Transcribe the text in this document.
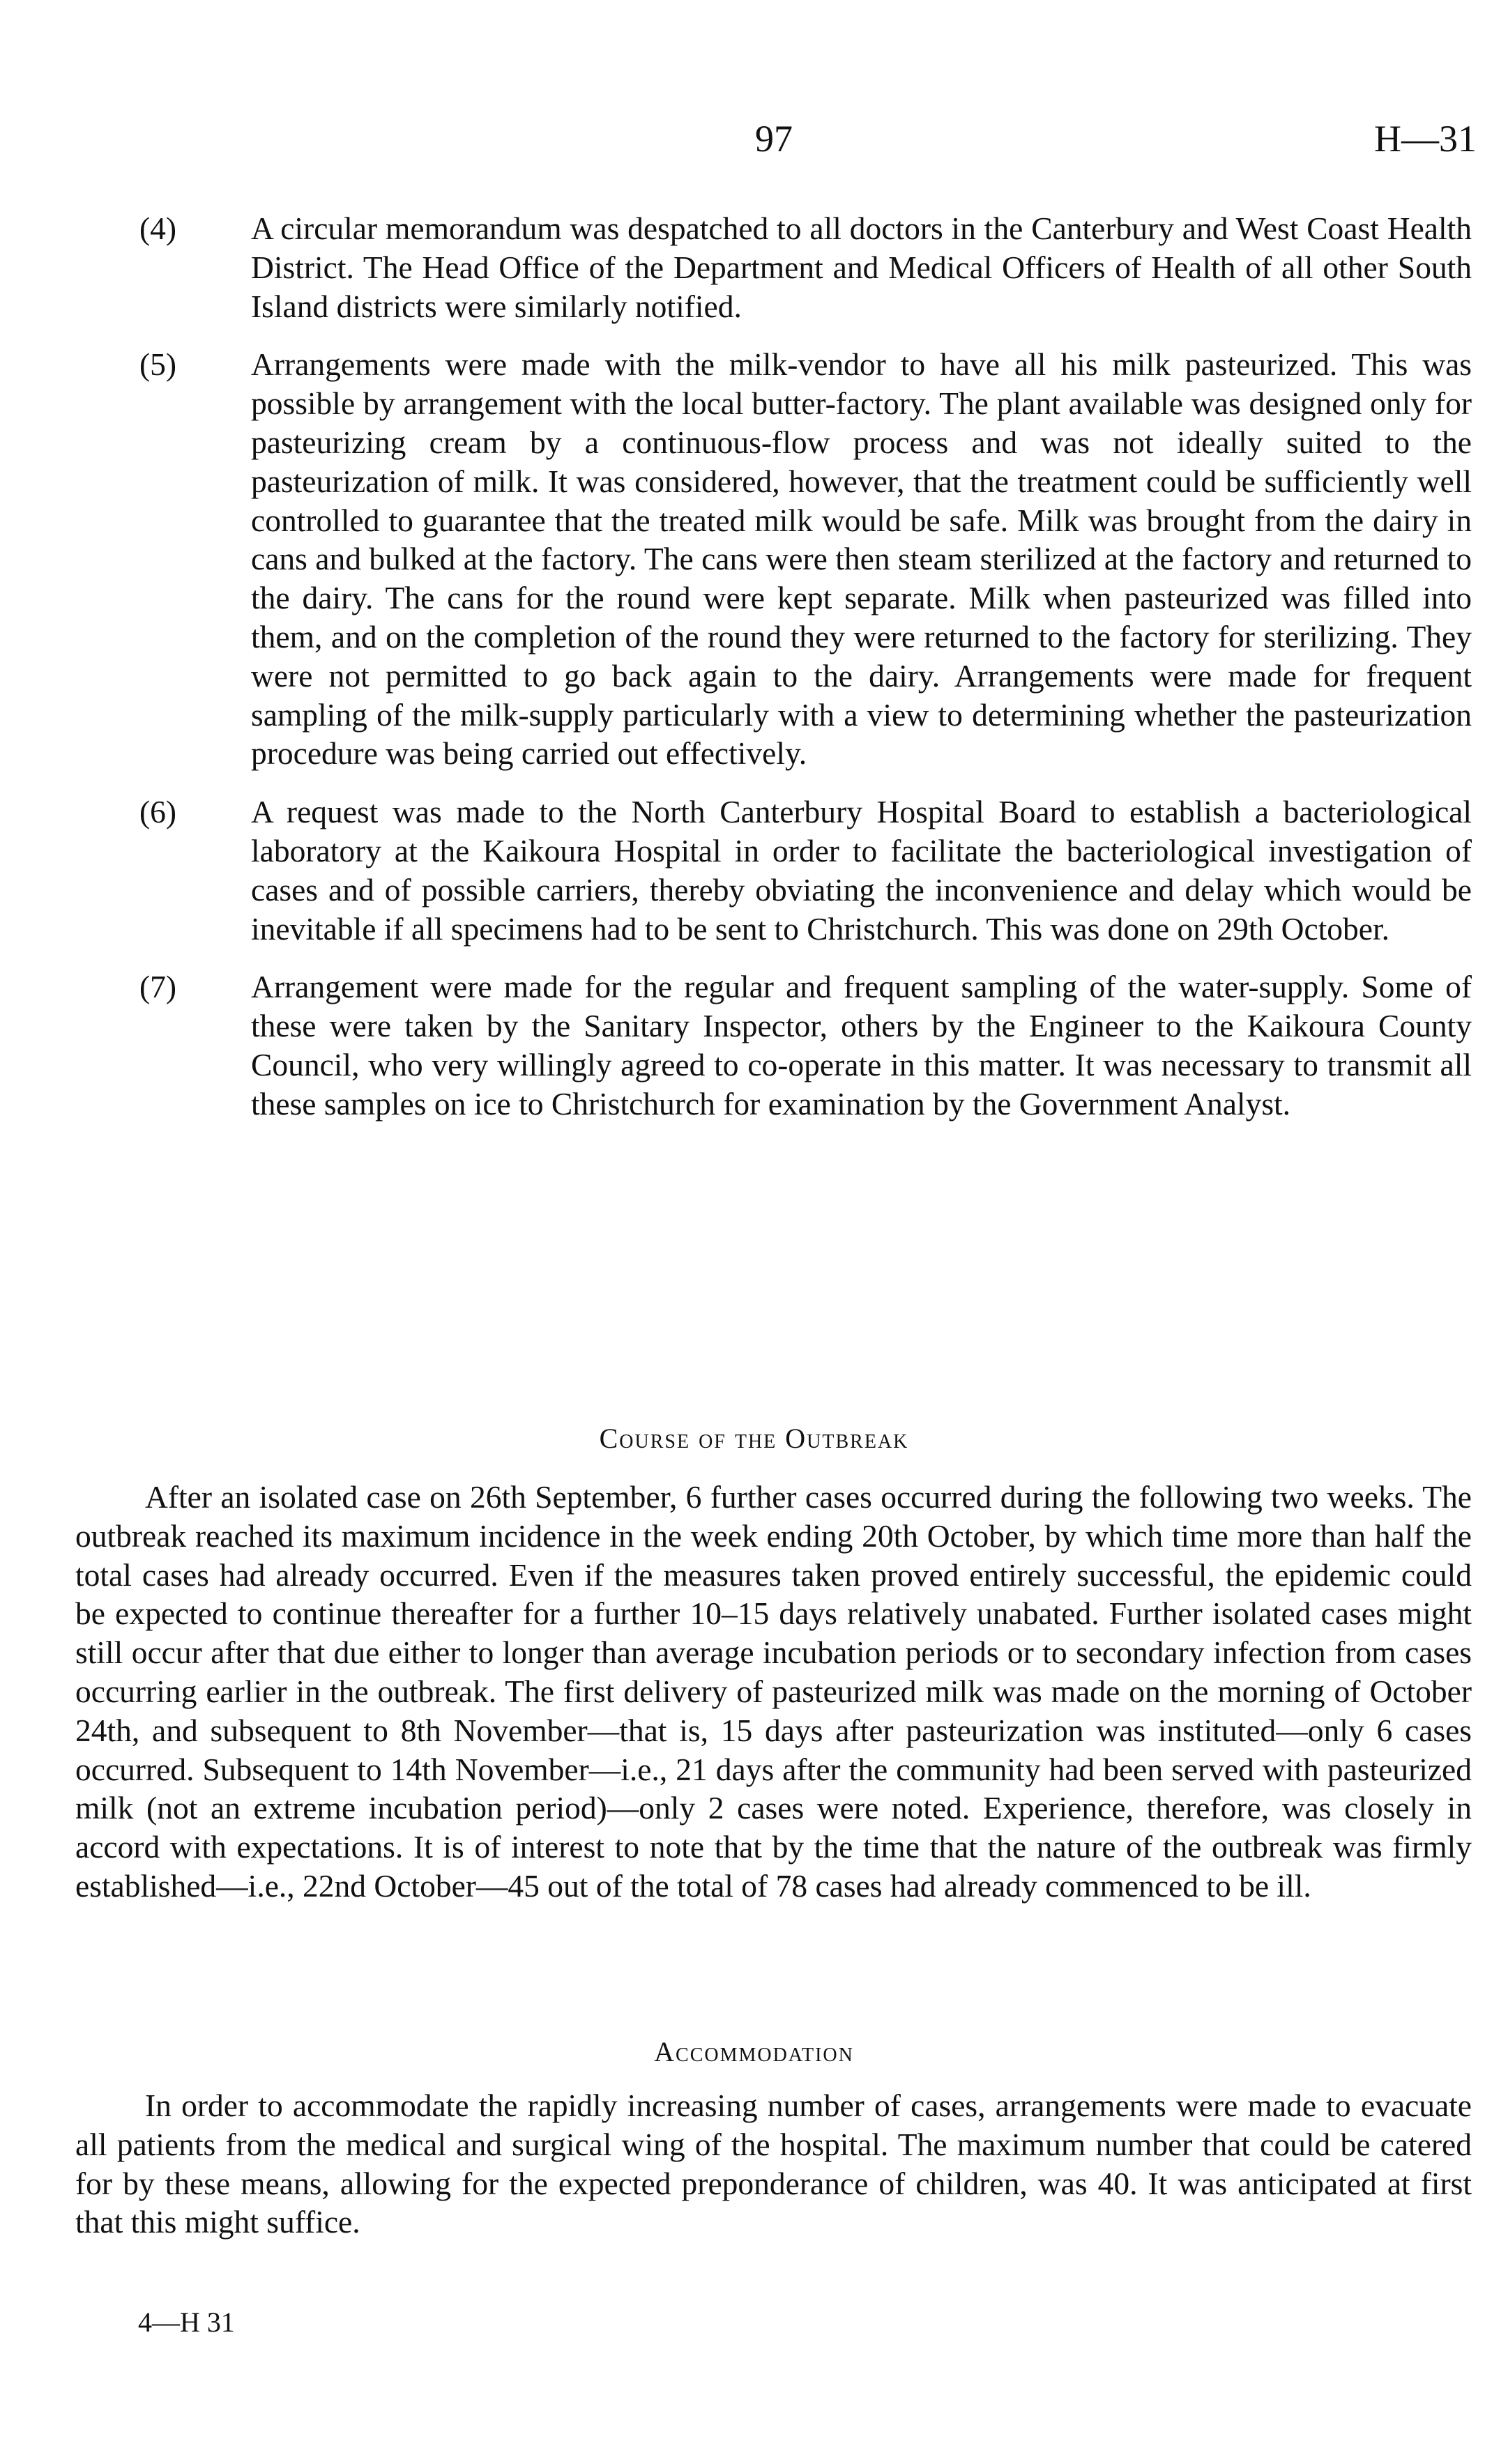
97	H—31
(4)	A circular memorandum was despatched to all doctors in the Canterbury and West Coast Health District. The Head Office of the Department and Medical Officers of Health of all other South Island districts were similarly notified.
(5)	Arrangements were made with the milk-vendor to have all his milk pasteurized. This was possible by arrangement with the local butter-factory. The plant available was designed only for pasteurizing cream by a continuous-flow process and was not ideally suited to the pasteurization of milk. It was considered, however, that the treatment could be sufficiently well controlled to guarantee that the treated milk would be safe. Milk was brought from the dairy in cans and bulked at the factory. The cans were then steam sterilized at the factory and returned to the dairy. The cans for the round were kept separate. Milk when pasteurized was filled into them, and on the completion of the round they were returned to the factory for sterilizing. They were not permitted to go back again to the dairy. Arrangements were made for frequent sampling of the milk-supply particularly with a view to determining whether the pasteurization procedure was being carried out effectively.
(6)	A request was made to the North Canterbury Hospital Board to establish a bacteriological laboratory at the Kaikoura Hospital in order to facilitate the bacteriological investigation of cases and of possible carriers, thereby obviating the inconvenience and delay which would be inevitable if all specimens had to be sent to Christchurch. This was done on 29th October.
(7)	Arrangement were made for the regular and frequent sampling of the water-supply. Some of these were taken by the Sanitary Inspector, others by the Engineer to the Kaikoura County Council, who very willingly agreed to co-operate in this matter. It was necessary to transmit all these samples on ice to Christchurch for examination by the Government Analyst.
Course of the Outbreak

After an isolated case on 26th September, 6 further cases occurred during the following two weeks. The outbreak reached its maximum incidence in the week ending 20th October, by which time more than half the total cases had already occurred. Even if the measures taken proved entirely successful, the epidemic could be expected to continue thereafter for a further 10–15 days relatively unabated. Further isolated cases might still occur after that due either to longer than average incubation periods or to secondary infection from cases occurring earlier in the outbreak. The first delivery of pasteurized milk was made on the morning of October 24th, and subsequent to 8th November—that is, 15 days after pasteurization was instituted—only 6 cases occurred. Subsequent to 14th November—i.e., 21 days after the community had been served with pasteurized milk (not an extreme incubation period)—only 2 cases were noted. Experience, therefore, was closely in accord with expectations. It is of interest to note that by the time that the nature of the outbreak was firmly established—i.e., 22nd October—45 out of the total of 78 cases had already commenced to be ill.

Accommodation

In order to accommodate the rapidly increasing number of cases, arrangements were made to evacuate all patients from the medical and surgical wing of the hospital. The maximum number that could be catered for by these means, allowing for the expected preponderance of children, was 40. It was anticipated at first that this might suffice.

4—H 31
